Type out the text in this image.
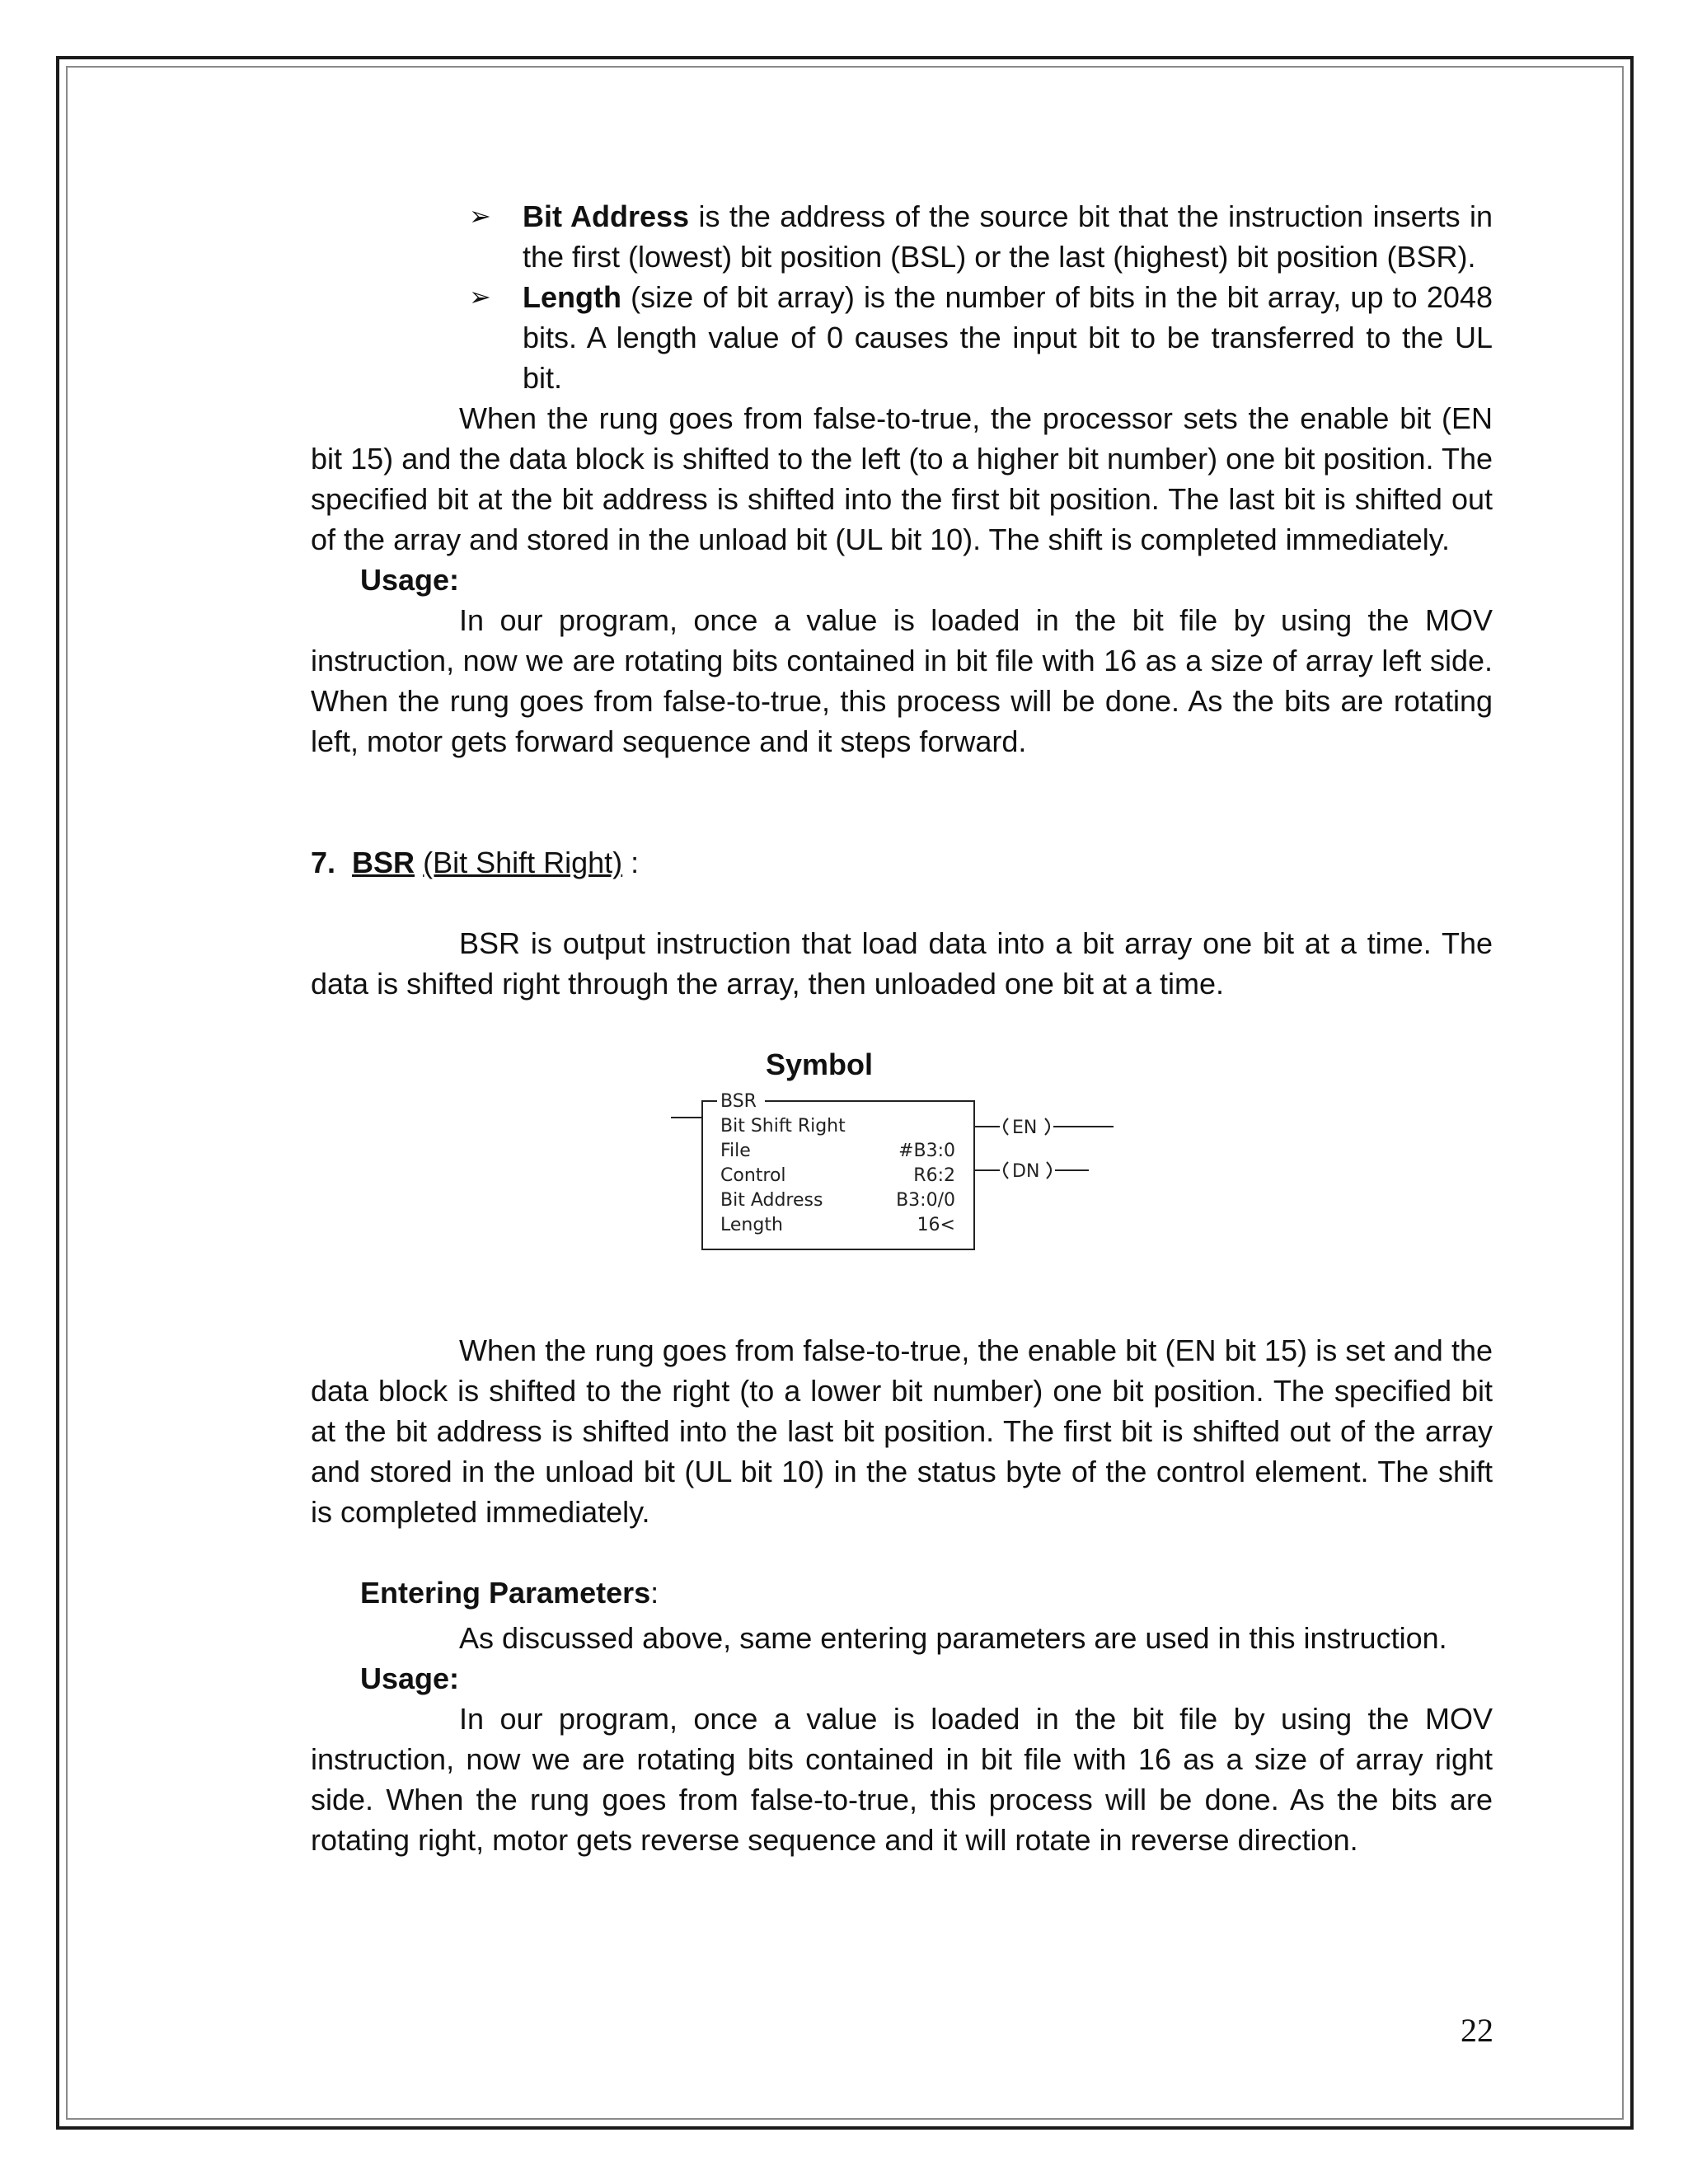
➢ Bit Address is the address of the source bit that the instruction inserts in the first (lowest) bit position (BSL) or the last (highest) bit position (BSR).
➢ Length (size of bit array) is the number of bits in the bit array, up to 2048 bits. A length value of 0 causes the input bit to be transferred to the UL bit.

When the rung goes from false-to-true, the processor sets the enable bit (EN bit 15) and the data block is shifted to the left (to a higher bit number) one bit position. The specified bit at the bit address is shifted into the first bit position. The last bit is shifted out of the array and stored in the unload bit (UL bit 10). The shift is completed immediately.

Usage:

In our program, once a value is loaded in the bit file by using the MOV instruction, now we are rotating bits contained in bit file with 16 as a size of array left side. When the rung goes from false-to-true, this process will be done. As the bits are rotating left, motor gets forward sequence and it steps forward.

7. BSR (Bit Shift Right) :

BSR is output instruction that load data into a bit array one bit at a time. The data is shifted right through the array, then unloaded one bit at a time.

Symbol
BSR
Bit Shift Right
File	#B3:0
Control	R6:2
Bit Address	B3:0/0
Length	16<
EN
DN

When the rung goes from false-to-true, the enable bit (EN bit 15) is set and the data block is shifted to the right (to a lower bit number) one bit position. The specified bit at the bit address is shifted into the last bit position. The first bit is shifted out of the array and stored in the unload bit (UL bit 10) in the status byte of the control element. The shift is completed immediately.

Entering Parameters:

As discussed above, same entering parameters are used in this instruction.

Usage:

In our program, once a value is loaded in the bit file by using the MOV instruction, now we are rotating bits contained in bit file with 16 as a size of array right side. When the rung goes from false-to-true, this process will be done. As the bits are rotating right, motor gets reverse sequence and it will rotate in reverse direction.

22
